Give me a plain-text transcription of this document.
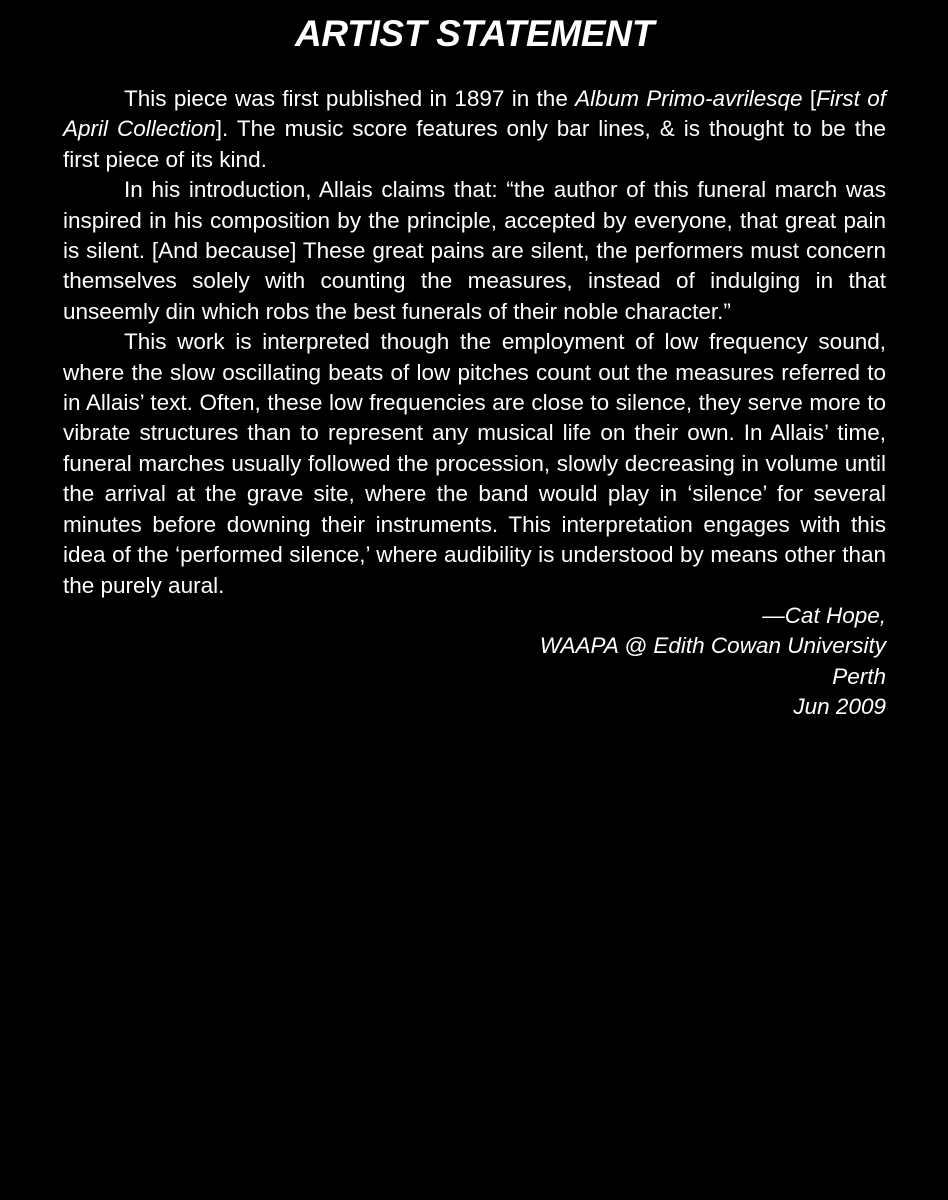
ARTIST STATEMENT

This piece was first published in 1897 in the Album Primo-avrilesqe [First of April Collection]. The music score features only bar lines, & is thought to be the first piece of its kind.

In his introduction, Allais claims that: “the author of this funeral march was inspired in his composition by the principle, accepted by everyone, that great pain is silent. [And because] These great pains are silent, the performers must concern themselves solely with counting the measures, instead of indulging in that unseemly din which robs the best funerals of their noble character.”

This work is interpreted though the employment of low frequency sound, where the slow oscillating beats of low pitches count out the measures referred to in Allais’ text. Often, these low frequencies are close to silence, they serve more to vibrate structures than to represent any musical life on their own. In Allais’ time, funeral marches usually followed the procession, slowly decreasing in volume until the arrival at the grave site, where the band would play in ‘silence’ for several minutes before downing their instruments. This interpretation engages with this idea of the ‘performed silence,’ where audibility is understood by means other than the purely aural.

—Cat Hope,
WAAPA @ Edith Cowan University
Perth
Jun 2009
